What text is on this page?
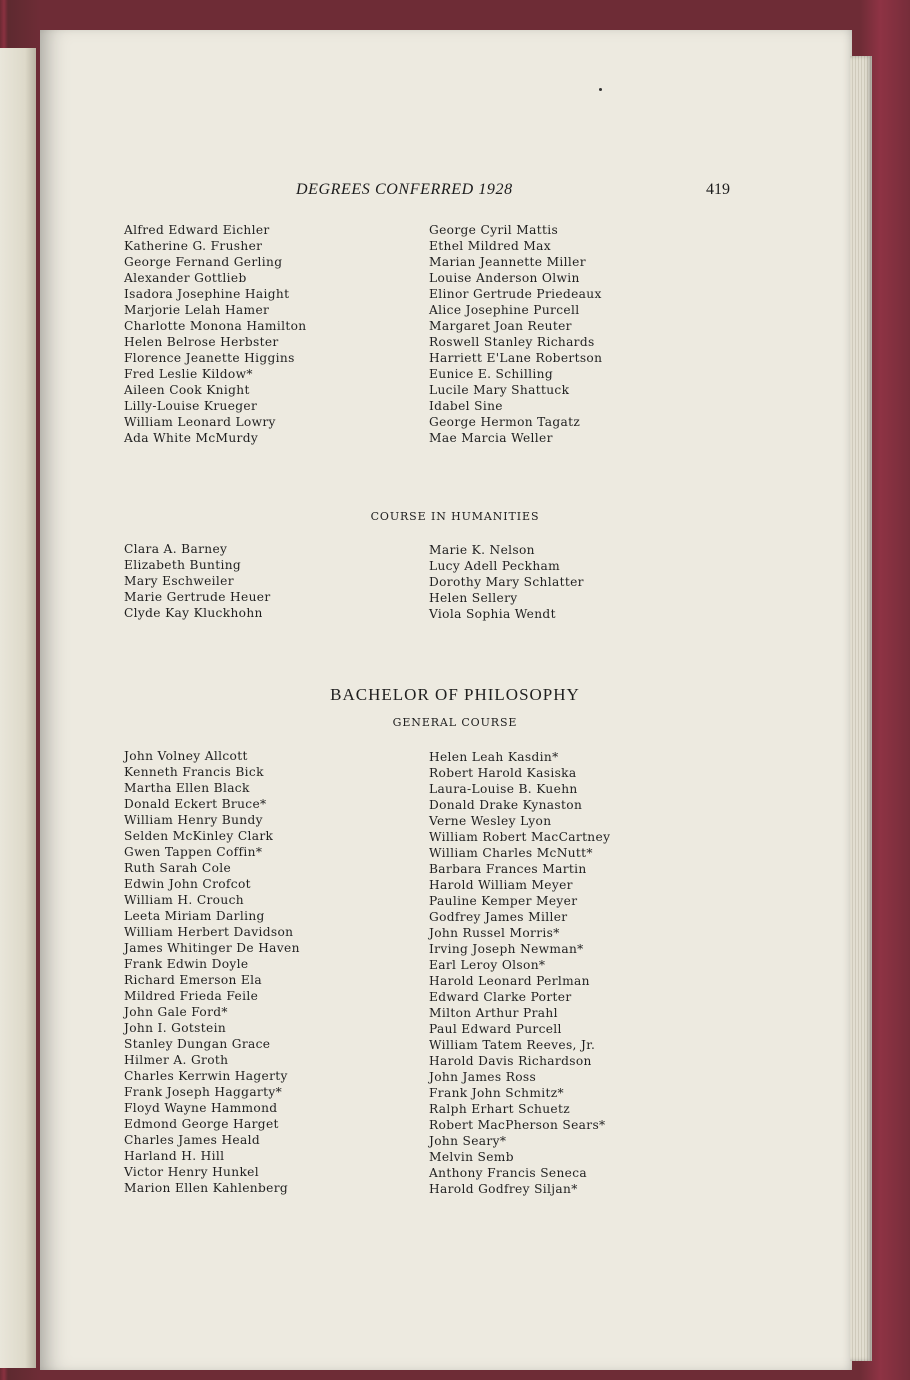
DEGREES CONFERRED 1928	419
Alfred Edward Eichler
Katherine G. Frusher
George Fernand Gerling
Alexander Gottlieb
Isadora Josephine Haight
Marjorie Lelah Hamer
Charlotte Monona Hamilton
Helen Belrose Herbster
Florence Jeanette Higgins
Fred Leslie Kildow*
Aileen Cook Knight
Lilly-Louise Krueger
William Leonard Lowry
Ada White McMurdy
George Cyril Mattis
Ethel Mildred Max
Marian Jeannette Miller
Louise Anderson Olwin
Elinor Gertrude Priedeaux
Alice Josephine Purcell
Margaret Joan Reuter
Roswell Stanley Richards
Harriett E'Lane Robertson
Eunice E. Schilling
Lucile Mary Shattuck
Idabel Sine
George Hermon Tagatz
Mae Marcia Weller
COURSE IN HUMANITIES
Clara A. Barney
Elizabeth Bunting
Mary Eschweiler
Marie Gertrude Heuer
Clyde Kay Kluckhohn
Marie K. Nelson
Lucy Adell Peckham
Dorothy Mary Schlatter
Helen Sellery
Viola Sophia Wendt
BACHELOR OF PHILOSOPHY
GENERAL COURSE
John Volney Allcott
Kenneth Francis Bick
Martha Ellen Black
Donald Eckert Bruce*
William Henry Bundy
Selden McKinley Clark
Gwen Tappen Coffin*
Ruth Sarah Cole
Edwin John Crofcot
William H. Crouch
Leeta Miriam Darling
William Herbert Davidson
James Whitinger De Haven
Frank Edwin Doyle
Richard Emerson Ela
Mildred Frieda Feile
John Gale Ford*
John I. Gotstein
Stanley Dungan Grace
Hilmer A. Groth
Charles Kerrwin Hagerty
Frank Joseph Haggarty*
Floyd Wayne Hammond
Edmond George Harget
Charles James Heald
Harland H. Hill
Victor Henry Hunkel
Marion Ellen Kahlenberg
Helen Leah Kasdin*
Robert Harold Kasiska
Laura-Louise B. Kuehn
Donald Drake Kynaston
Verne Wesley Lyon
William Robert MacCartney
William Charles McNutt*
Barbara Frances Martin
Harold William Meyer
Pauline Kemper Meyer
Godfrey James Miller
John Russel Morris*
Irving Joseph Newman*
Earl Leroy Olson*
Harold Leonard Perlman
Edward Clarke Porter
Milton Arthur Prahl
Paul Edward Purcell
William Tatem Reeves, Jr.
Harold Davis Richardson
John James Ross
Frank John Schmitz*
Ralph Erhart Schuetz
Robert MacPherson Sears*
John Seary*
Melvin Semb
Anthony Francis Seneca
Harold Godfrey Siljan*
